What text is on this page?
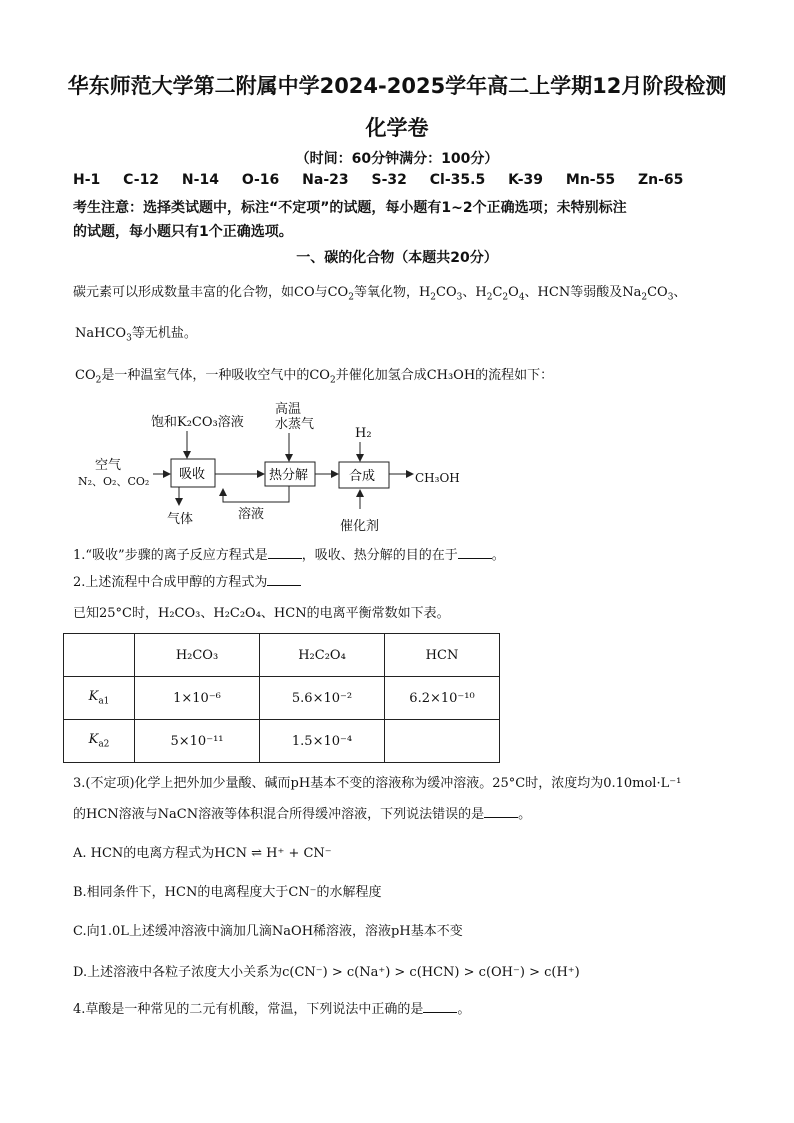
华东师范大学第二附属中学2024-2025学年高二上学期12月阶段检测
化学卷
（时间：60分钟满分：100分）
H-1 C-12 N-14 O-16 Na-23 S-32 Cl-35.5 K-39 Mn-55 Zn-65
考生注意：选择类试题中，标注“不定项”的试题，每小题有1~2个正确选项；未特别标注
的试题，每小题只有1个正确选项。
一、碳的化合物（本题共20分）
碳元素可以形成数量丰富的化合物，如CO与$CO_2$等氧化物，$H_2CO_3$、$H_2C_2O_4$、HCN等弱酸及$Na_2CO_3$、
NaHCO$_3$等无机盐。
$CO_2$是一种温室气体，一种吸收空气中的$CO_2$并催化加氢合成CH₃OH的流程如下：
空气
N₂、O₂、CO₂
饱和K₂CO₃溶液
高温
水蒸气
H₂
气体	溶液
催化剂
CH₃OH
吸收	热分解	合成
1.“吸收”步骤的离子反应方程式是	，吸收、热分解的目的在于	。
2.上述流程中合成甲醇的方程式为
已知25°C时，H₂CO₃、H₂C₂O₄、HCN的电离平衡常数如下表。
	H₂CO₃	H₂C₂O₄	HCN
$K_{a1}$	1×10⁻⁶	5.6×10⁻²	6.2×10⁻¹⁰
$K_{a2}$	5×10⁻¹¹	1.5×10⁻⁴	
3.(不定项)化学上把外加少量酸、碱而pH基本不变的溶液称为缓冲溶液。25°C时，浓度均为0.10mol·L⁻¹
的HCN溶液与NaCN溶液等体积混合所得缓冲溶液，下列说法错误的是	。
A. HCN的电离方程式为HCN ⇌ H⁺ + CN⁻
B.相同条件下，HCN的电离程度大于CN⁻的水解程度
C.向1.0L上述缓冲溶液中滴加几滴NaOH稀溶液，溶液pH基本不变
D.上述溶液中各粒子浓度大小关系为c(CN⁻) > c(Na⁺) > c(HCN) > c(OH⁻) > c(H⁺)
4.草酸是一种常见的二元有机酸，常温，下列说法中正确的是	。
